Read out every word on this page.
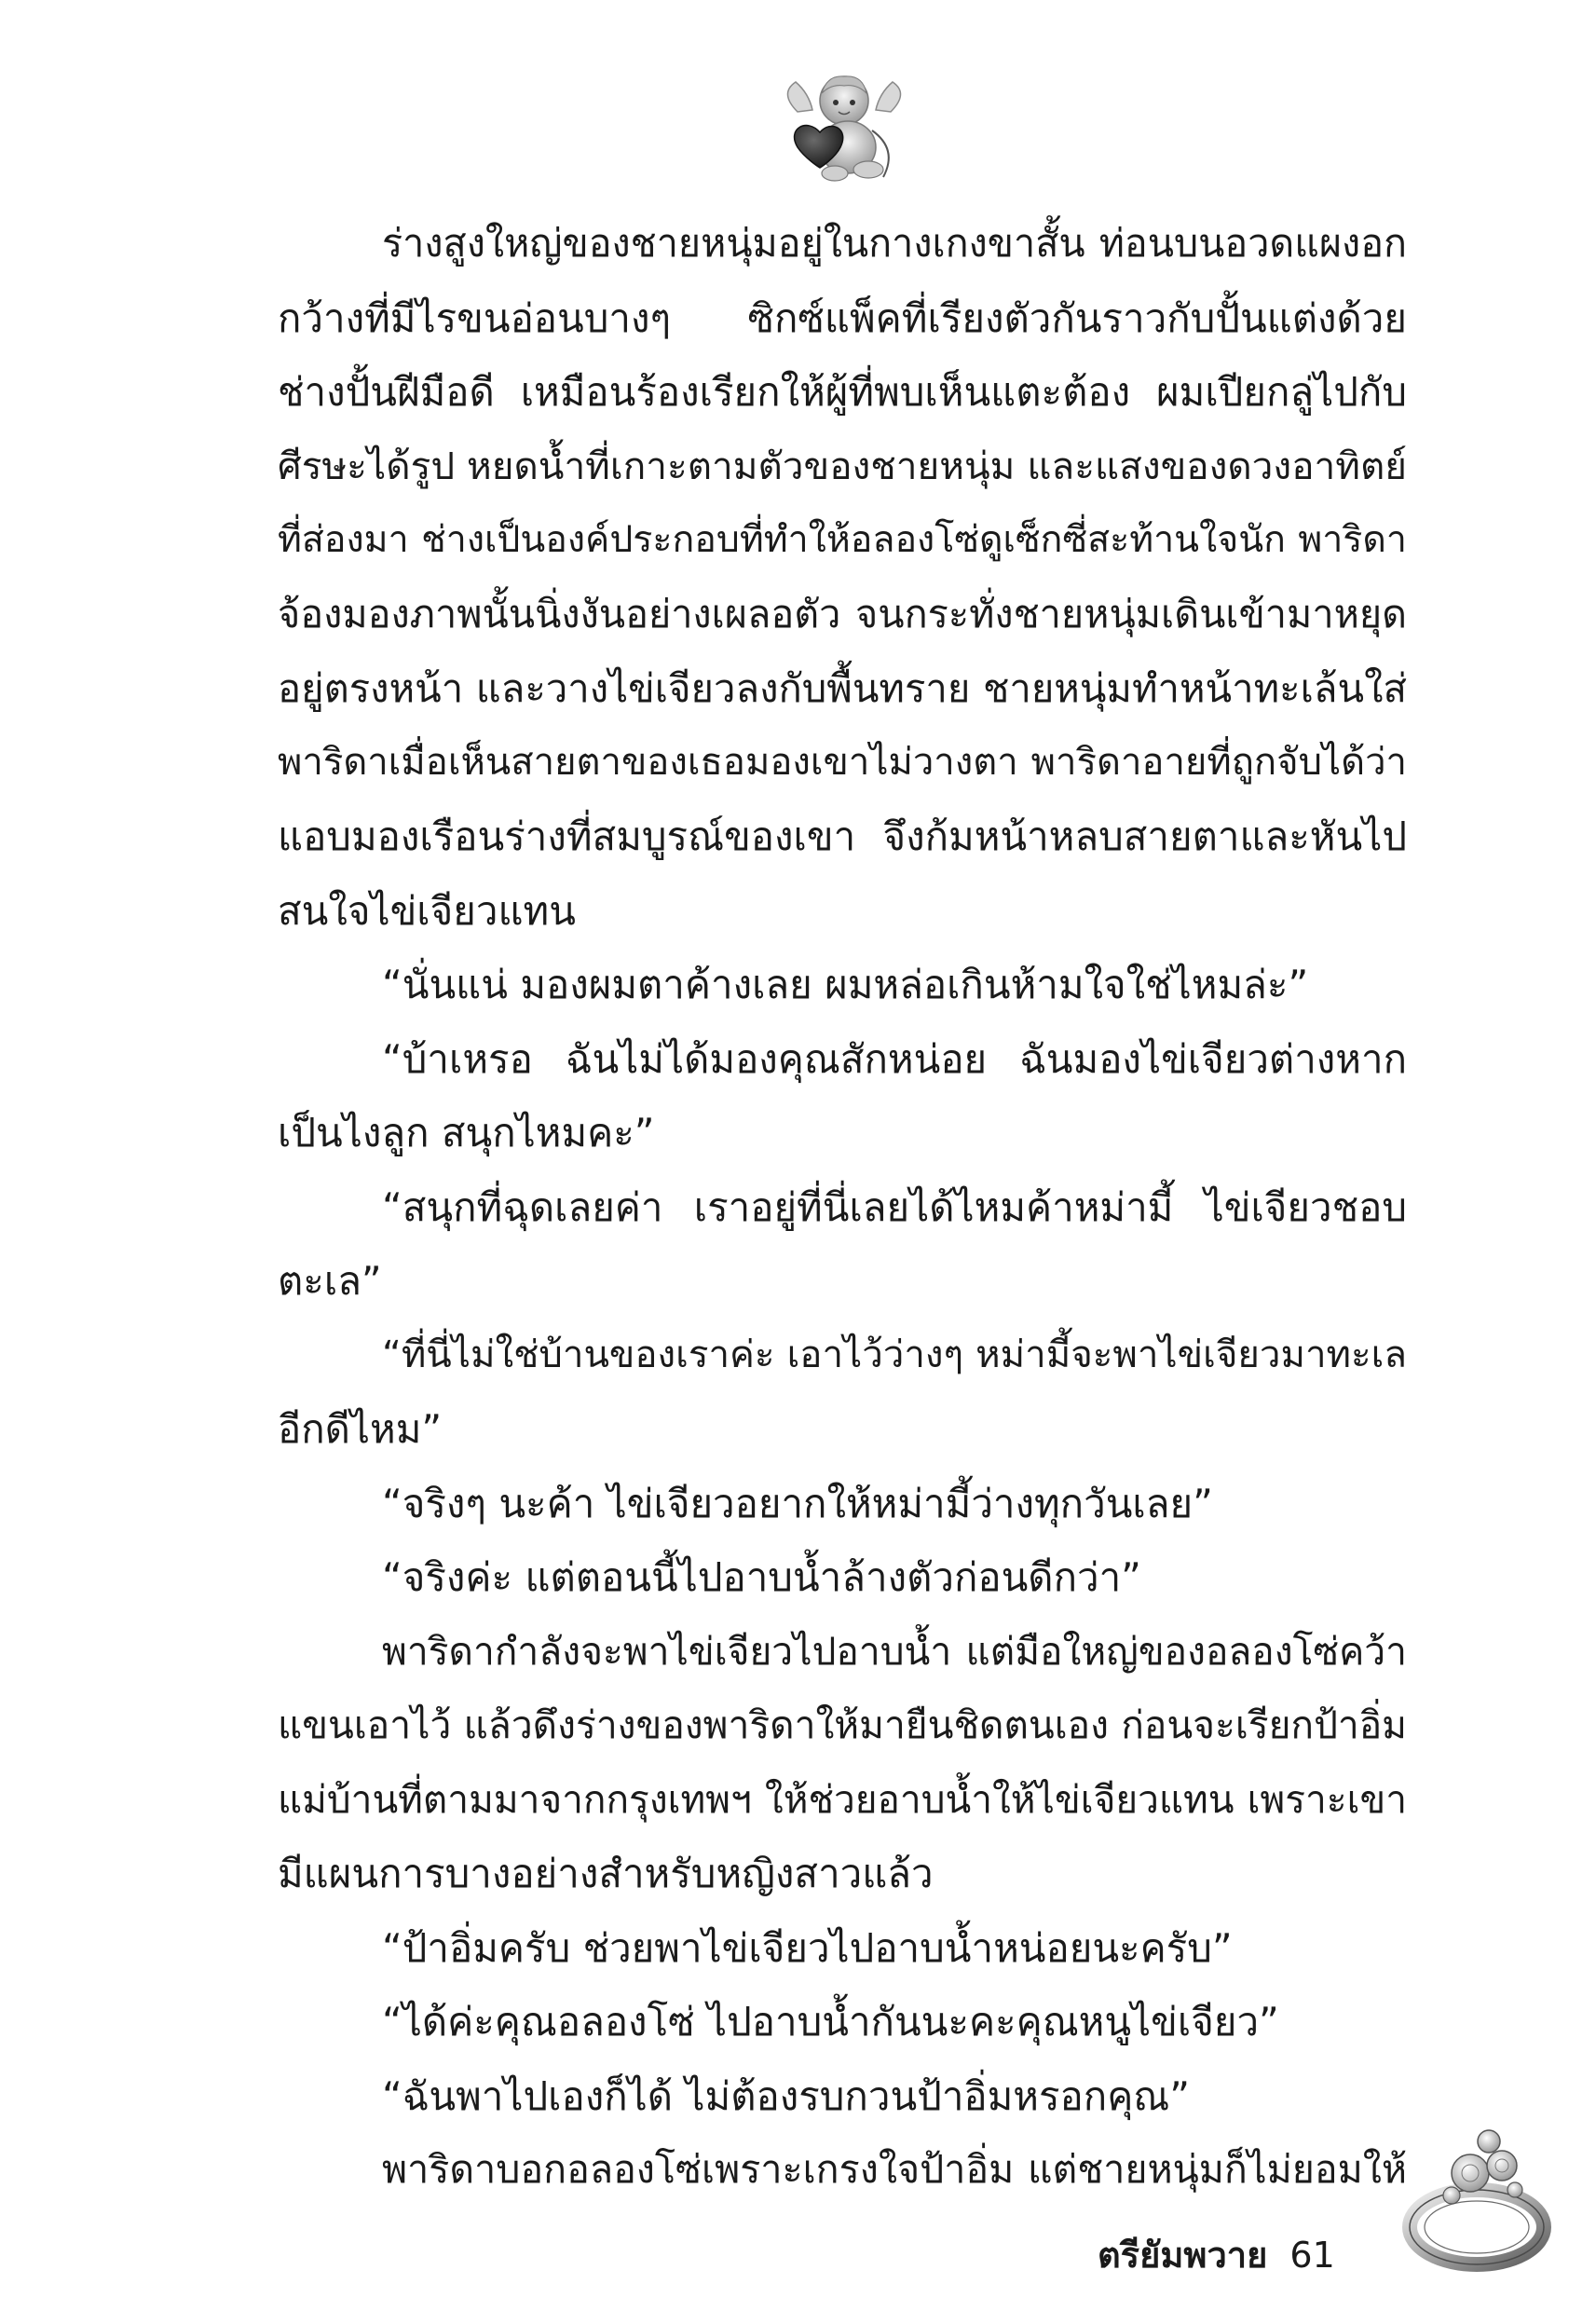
ร่างสูงใหญ่ของชายหนุ่มอยู่ในกางเกงขาสั้น ท่อนบนอวดแผงอก
กว้างที่มีไรขนอ่อนบางๆ ซิกซ์แพ็คที่เรียงตัวกันราวกับปั้นแต่งด้วย
ช่างปั้นฝีมือดี เหมือนร้องเรียกให้ผู้ที่พบเห็นแตะต้อง ผมเปียกลู่ไปกับ
ศีรษะได้รูป หยดน้ำที่เกาะตามตัวของชายหนุ่ม และแสงของดวงอาทิตย์
ที่ส่องมา ช่างเป็นองค์ประกอบที่ทำให้อลองโซ่ดูเซ็กซี่สะท้านใจนัก พาริดา
จ้องมองภาพนั้นนิ่งงันอย่างเผลอตัว จนกระทั่งชายหนุ่มเดินเข้ามาหยุด
อยู่ตรงหน้า และวางไข่เจียวลงกับพื้นทราย ชายหนุ่มทำหน้าทะเล้นใส่
พาริดาเมื่อเห็นสายตาของเธอมองเขาไม่วางตา พาริดาอายที่ถูกจับได้ว่า
แอบมองเรือนร่างที่สมบูรณ์ของเขา จึงก้มหน้าหลบสายตาและหันไป
สนใจไข่เจียวแทน
“นั่นแน่ มองผมตาค้างเลย ผมหล่อเกินห้ามใจใช่ไหมล่ะ”
“บ้าเหรอ ฉันไม่ได้มองคุณสักหน่อย ฉันมองไข่เจียวต่างหาก
เป็นไงลูก สนุกไหมคะ”
“สนุกที่ฉุดเลยค่า เราอยู่ที่นี่เลยได้ไหมค้าหม่ามี้ ไข่เจียวชอบ
ตะเล”
“ที่นี่ไม่ใช่บ้านของเราค่ะ เอาไว้ว่างๆ หม่ามี้จะพาไข่เจียวมาทะเล
อีกดีไหม”
“จริงๆ นะค้า ไข่เจียวอยากให้หม่ามี้ว่างทุกวันเลย”
“จริงค่ะ แต่ตอนนี้ไปอาบน้ำล้างตัวก่อนดีกว่า”
พาริดากำลังจะพาไข่เจียวไปอาบน้ำ แต่มือใหญ่ของอลองโซ่คว้า
แขนเอาไว้ แล้วดึงร่างของพาริดาให้มายืนชิดตนเอง ก่อนจะเรียกป้าอิ่ม
แม่บ้านที่ตามมาจากกรุงเทพฯ ให้ช่วยอาบน้ำให้ไข่เจียวแทน เพราะเขา
มีแผนการบางอย่างสำหรับหญิงสาวแล้ว
“ป้าอิ่มครับ ช่วยพาไข่เจียวไปอาบน้ำหน่อยนะครับ”
“ได้ค่ะคุณอลองโซ่ ไปอาบน้ำกันนะคะคุณหนูไข่เจียว”
“ฉันพาไปเองก็ได้ ไม่ต้องรบกวนป้าอิ่มหรอกคุณ”
พาริดาบอกอลองโซ่เพราะเกรงใจป้าอิ่ม แต่ชายหนุ่มก็ไม่ยอมให้
ตรียัมพวาย 61
